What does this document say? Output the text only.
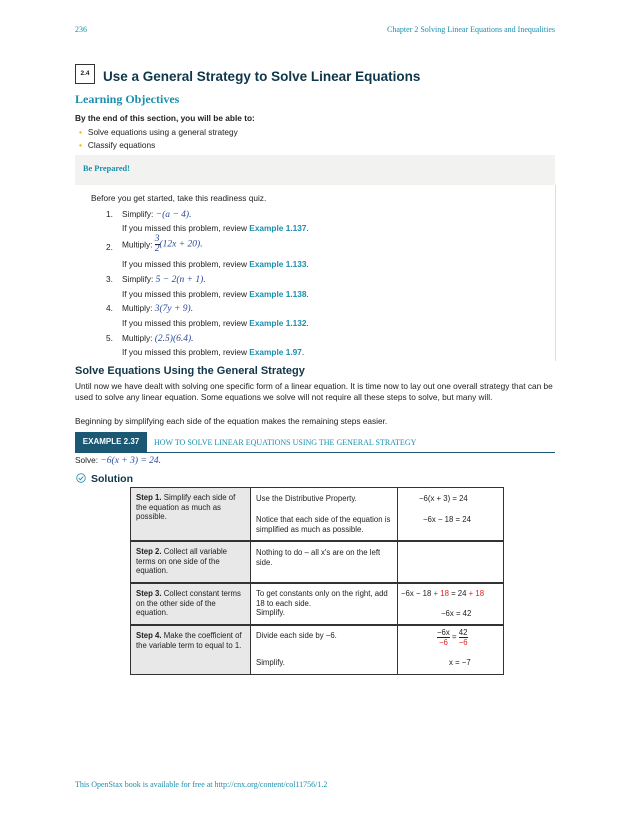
236	Chapter 2 Solving Linear Equations and Inequalities
2.4 Use a General Strategy to Solve Linear Equations
Learning Objectives
By the end of this section, you will be able to:
• Solve equations using a general strategy
• Classify equations
Be Prepared!
Before you get started, take this readiness quiz.
1. Simplify: −(a − 4).
If you missed this problem, review Example 1.137.
2. Multiply: $\frac{3}{2} (12x + 20)$.
If you missed this problem, review Example 1.133.
3. Simplify: 5 − 2(n + 1).
If you missed this problem, review Example 1.138.
4. Multiply: 3(7y + 9).
If you missed this problem, review Example 1.132.
5. Multiply: (2.5)(6.4).
If you missed this problem, review Example 1.97.
Solve Equations Using the General Strategy
Until now we have dealt with solving one specific form of a linear equation. It is time now to lay out one overall strategy that can be used to solve any linear equation. Some equations we solve will not require all these steps to solve, but many will.
Beginning by simplifying each side of the equation makes the remaining steps easier.
EXAMPLE 2.37	HOW TO SOLVE LINEAR EQUATIONS USING THE GENERAL STRATEGY
Solve: −6(x + 3) = 24.
Solution
Step 1. Simplify each side of the equation as much as possible.
Use the Distributive Property.
Notice that each side of the equation is simplified as much as possible.
−6(x + 3) = 24
−6x − 18 = 24
Step 2. Collect all variable terms on one side of the equation.
Nothing to do – all x's are on the left side.
Step 3. Collect constant terms on the other side of the equation.
To get constants only on the right, add 18 to each side.
Simplify.
−6x − 18 + 18 = 24 + 18
−6x = 42
Step 4. Make the coefficient of the variable term to equal to 1.
Divide each side by −6.
Simplify.
$\frac{-6x}{-6} = \frac{42}{-6}$
x = −7
This OpenStax book is available for free at http://cnx.org/content/col11756/1.2
